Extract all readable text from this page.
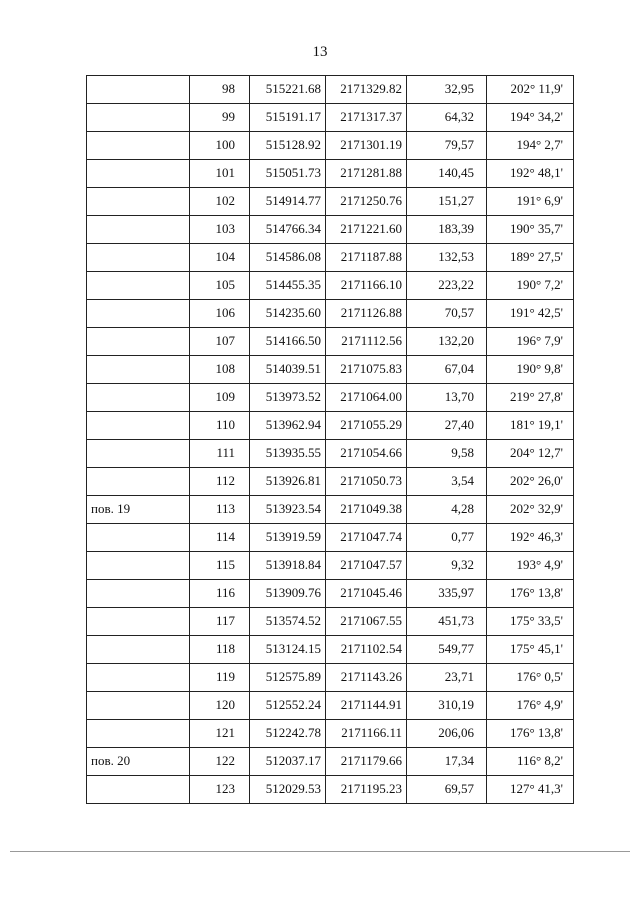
13
	98	515221.68	2171329.82	32,95	202° 11,9'
	99	515191.17	2171317.37	64,32	194° 34,2'
	100	515128.92	2171301.19	79,57	194° 2,7'
	101	515051.73	2171281.88	140,45	192° 48,1'
	102	514914.77	2171250.76	151,27	191° 6,9'
	103	514766.34	2171221.60	183,39	190° 35,7'
	104	514586.08	2171187.88	132,53	189° 27,5'
	105	514455.35	2171166.10	223,22	190° 7,2'
	106	514235.60	2171126.88	70,57	191° 42,5'
	107	514166.50	2171112.56	132,20	196° 7,9'
	108	514039.51	2171075.83	67,04	190° 9,8'
	109	513973.52	2171064.00	13,70	219° 27,8'
	110	513962.94	2171055.29	27,40	181° 19,1'
	111	513935.55	2171054.66	9,58	204° 12,7'
	112	513926.81	2171050.73	3,54	202° 26,0'
пов. 19	113	513923.54	2171049.38	4,28	202° 32,9'
	114	513919.59	2171047.74	0,77	192° 46,3'
	115	513918.84	2171047.57	9,32	193° 4,9'
	116	513909.76	2171045.46	335,97	176° 13,8'
	117	513574.52	2171067.55	451,73	175° 33,5'
	118	513124.15	2171102.54	549,77	175° 45,1'
	119	512575.89	2171143.26	23,71	176° 0,5'
	120	512552.24	2171144.91	310,19	176° 4,9'
	121	512242.78	2171166.11	206,06	176° 13,8'
пов. 20	122	512037.17	2171179.66	17,34	116° 8,2'
	123	512029.53	2171195.23	69,57	127° 41,3'
